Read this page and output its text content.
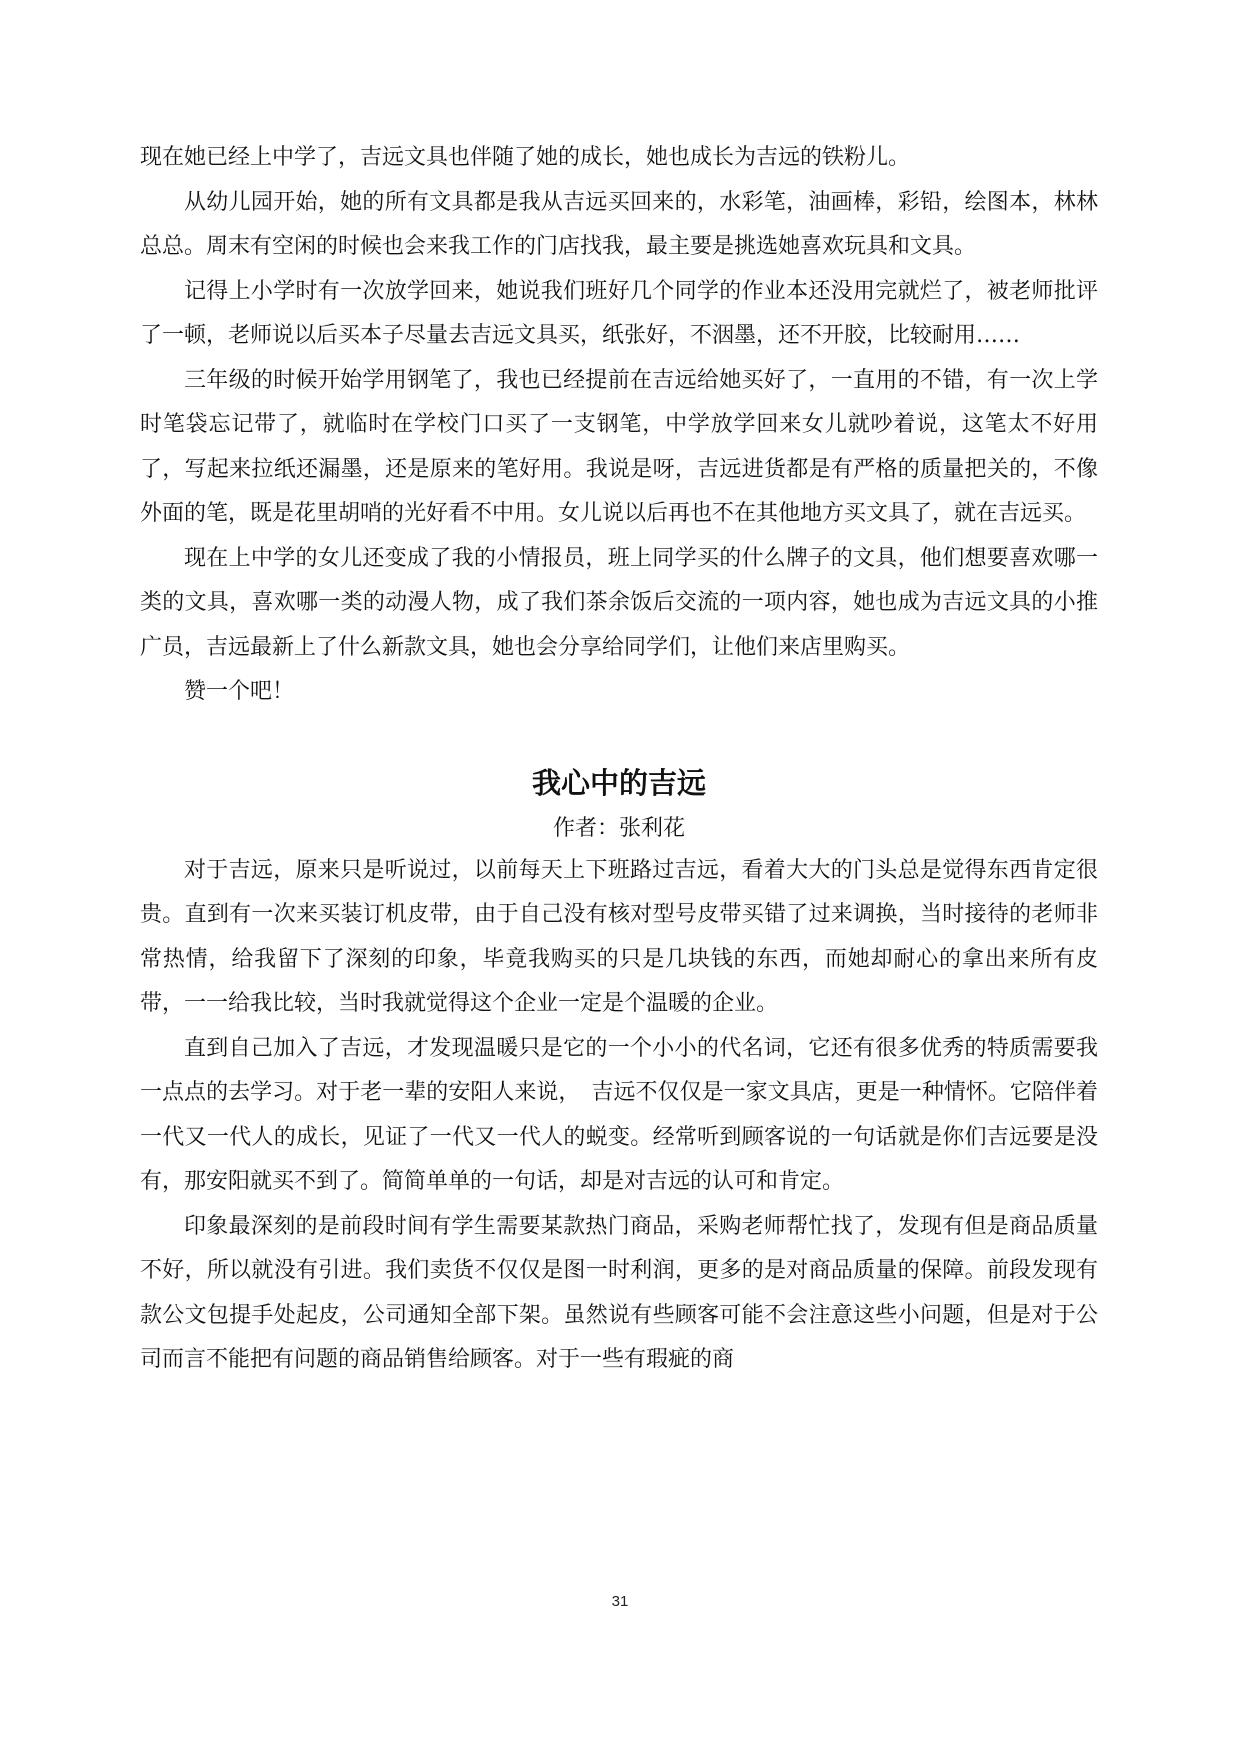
现在她已经上中学了，吉远文具也伴随了她的成长，她也成长为吉远的铁粉儿。

从幼儿园开始，她的所有文具都是我从吉远买回来的，水彩笔，油画棒，彩铅，绘图本，林林总总。周末有空闲的时候也会来我工作的门店找我，最主要是挑选她喜欢玩具和文具。

记得上小学时有一次放学回来，她说我们班好几个同学的作业本还没用完就烂了，被老师批评了一顿，老师说以后买本子尽量去吉远文具买，纸张好，不洇墨，还不开胶，比较耐用……

三年级的时候开始学用钢笔了，我也已经提前在吉远给她买好了，一直用的不错，有一次上学时笔袋忘记带了，就临时在学校门口买了一支钢笔，中学放学回来女儿就吵着说，这笔太不好用了，写起来拉纸还漏墨，还是原来的笔好用。我说是呀，吉远进货都是有严格的质量把关的，不像外面的笔，既是花里胡哨的光好看不中用。女儿说以后再也不在其他地方买文具了，就在吉远买。

现在上中学的女儿还变成了我的小情报员，班上同学买的什么牌子的文具，他们想要喜欢哪一类的文具，喜欢哪一类的动漫人物，成了我们茶余饭后交流的一项内容，她也成为吉远文具的小推广员，吉远最新上了什么新款文具，她也会分享给同学们，让他们来店里购买。

赞一个吧！

我心中的吉远

作者：张利花

对于吉远，原来只是听说过，以前每天上下班路过吉远，看着大大的门头总是觉得东西肯定很贵。直到有一次来买装订机皮带，由于自己没有核对型号皮带买错了过来调换，当时接待的老师非常热情，给我留下了深刻的印象，毕竟我购买的只是几块钱的东西，而她却耐心的拿出来所有皮带，一一给我比较，当时我就觉得这个企业一定是个温暖的企业。

直到自己加入了吉远，才发现温暖只是它的一个小小的代名词，它还有很多优秀的特质需要我一点点的去学习。对于老一辈的安阳人来说，　吉远不仅仅是一家文具店，更是一种情怀。它陪伴着一代又一代人的成长，见证了一代又一代人的蜕变。经常听到顾客说的一句话就是你们吉远要是没有，那安阳就买不到了。简简单单的一句话，却是对吉远的认可和肯定。

印象最深刻的是前段时间有学生需要某款热门商品，采购老师帮忙找了，发现有但是商品质量不好，所以就没有引进。我们卖货不仅仅是图一时利润，更多的是对商品质量的保障。前段发现有款公文包提手处起皮，公司通知全部下架。虽然说有些顾客可能不会注意这些小问题，但是对于公司而言不能把有问题的商品销售给顾客。对于一些有瑕疵的商

31
